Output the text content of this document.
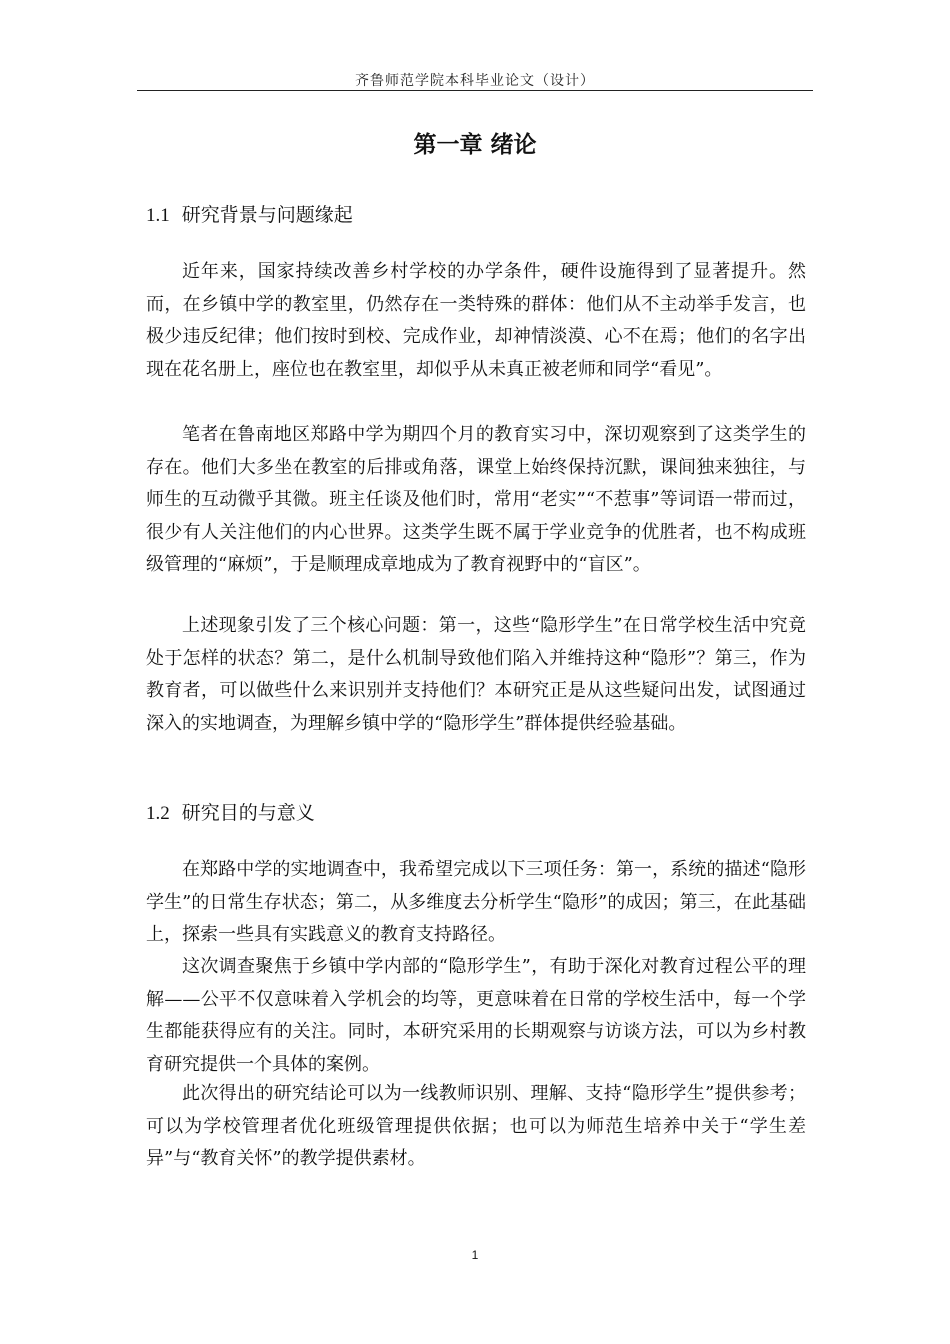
齐鲁师范学院本科毕业论文（设计）
第一章 绪论
1.1 研究背景与问题缘起

近年来，国家持续改善乡村学校的办学条件，硬件设施得到了显著提升。然而，在乡镇中学的教室里，仍然存在一类特殊的群体：他们从不主动举手发言，也极少违反纪律；他们按时到校、完成作业，却神情淡漠、心不在焉；他们的名字出现在花名册上，座位也在教室里，却似乎从未真正被老师和同学“看见”。

笔者在鲁南地区郑路中学为期四个月的教育实习中，深切观察到了这类学生的存在。他们大多坐在教室的后排或角落，课堂上始终保持沉默，课间独来独往，与师生的互动微乎其微。班主任谈及他们时，常用“老实”“不惹事”等词语一带而过，很少有人关注他们的内心世界。这类学生既不属于学业竞争的优胜者，也不构成班级管理的“麻烦”，于是顺理成章地成为了教育视野中的“盲区”。

上述现象引发了三个核心问题：第一，这些“隐形学生”在日常学校生活中究竟处于怎样的状态？第二，是什么机制导致他们陷入并维持这种“隐形”？第三，作为教育者，可以做些什么来识别并支持他们？本研究正是从这些疑问出发，试图通过深入的实地调查，为理解乡镇中学的“隐形学生”群体提供经验基础。

1.2 研究目的与意义

在郑路中学的实地调查中，我希望完成以下三项任务：第一，系统的描述“隐形学生”的日常生存状态；第二，从多维度去分析学生“隐形”的成因；第三，在此基础上，探索一些具有实践意义的教育支持路径。

这次调查聚焦于乡镇中学内部的“隐形学生”，有助于深化对教育过程公平的理解——公平不仅意味着入学机会的均等，更意味着在日常的学校生活中，每一个学生都能获得应有的关注。同时，本研究采用的长期观察与访谈方法，可以为乡村教育研究提供一个具体的案例。

此次得出的研究结论可以为一线教师识别、理解、支持“隐形学生”提供参考；可以为学校管理者优化班级管理提供依据；也可以为师范生培养中关于“学生差异”与“教育关怀”的教学提供素材。

1
